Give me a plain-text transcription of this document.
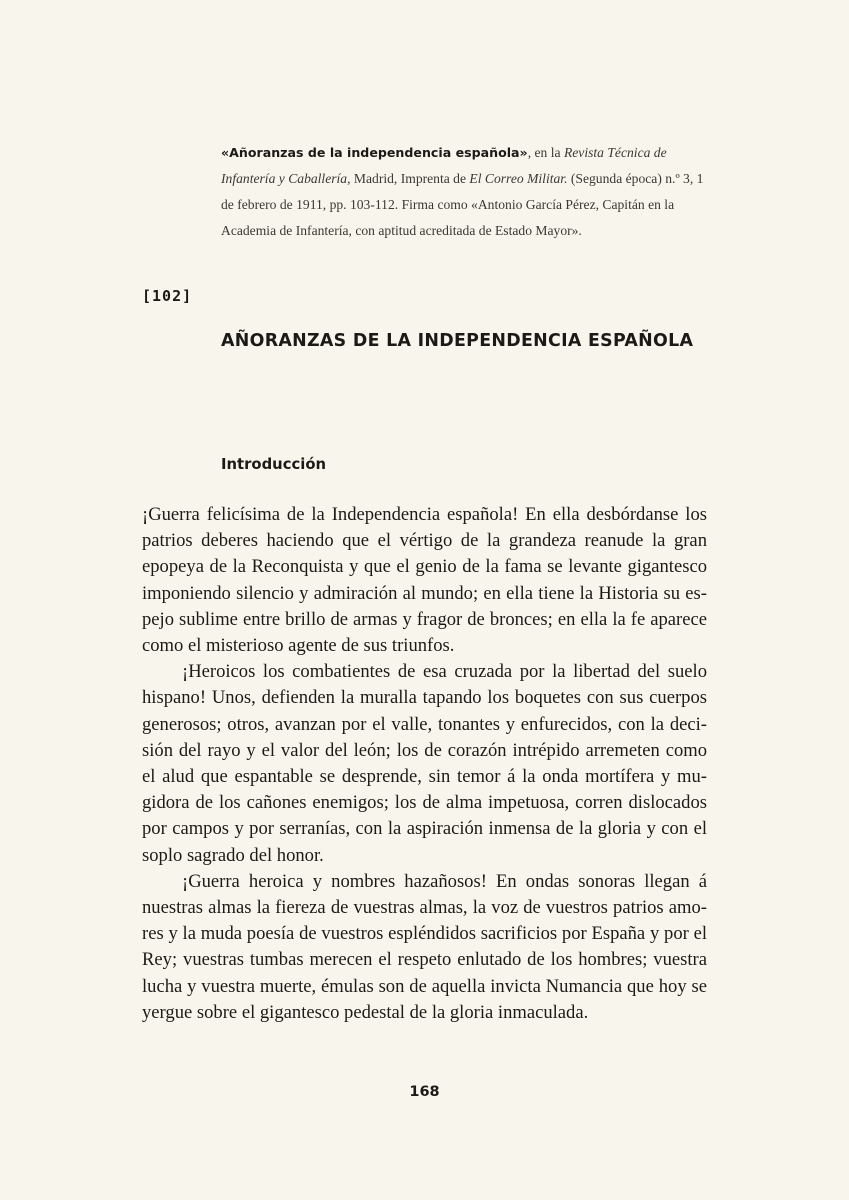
«Añoranzas de la independencia española», en la Revista Técnica de Infantería y Caballería, Madrid, Imprenta de El Correo Militar. (Segunda época) n.º 3, 1 de febrero de 1911, pp. 103-112. Firma como «Antonio García Pérez, Capitán en la Academia de Infantería, con aptitud acreditada de Estado Mayor».

[102]
AÑORANZAS DE LA INDEPENDENCIA ESPAÑOLA
Introducción

¡Guerra felicísima de la Independencia española! En ella desbórdanse los patrios deberes haciendo que el vértigo de la grandeza reanude la gran epopeya de la Reconquista y que el genio de la fama se levante gigantesco imponiendo silencio y admiración al mundo; en ella tiene la Historia su espejo sublime entre brillo de armas y fragor de bronces; en ella la fe aparece como el misterioso agente de sus triunfos.

¡Heroicos los combatientes de esa cruzada por la libertad del suelo hispano! Unos, defienden la muralla tapando los boquetes con sus cuerpos generosos; otros, avanzan por el valle, tonantes y enfurecidos, con la decisión del rayo y el valor del león; los de corazón intrépido arremeten como el alud que espantable se desprende, sin temor á la onda mortífera y mugidora de los cañones enemigos; los de alma impetuosa, corren dislocados por campos y por serranías, con la aspiración inmensa de la gloria y con el soplo sagrado del honor.

¡Guerra heroica y nombres hazañosos! En ondas sonoras llegan á nuestras almas la fiereza de vuestras almas, la voz de vuestros patrios amores y la muda poesía de vuestros espléndidos sacrificios por España y por el Rey; vuestras tumbas merecen el respeto enlutado de los hombres; vuestra lucha y vuestra muerte, émulas son de aquella invicta Numancia que hoy se yergue sobre el gigantesco pedestal de la gloria inmaculada.

168
